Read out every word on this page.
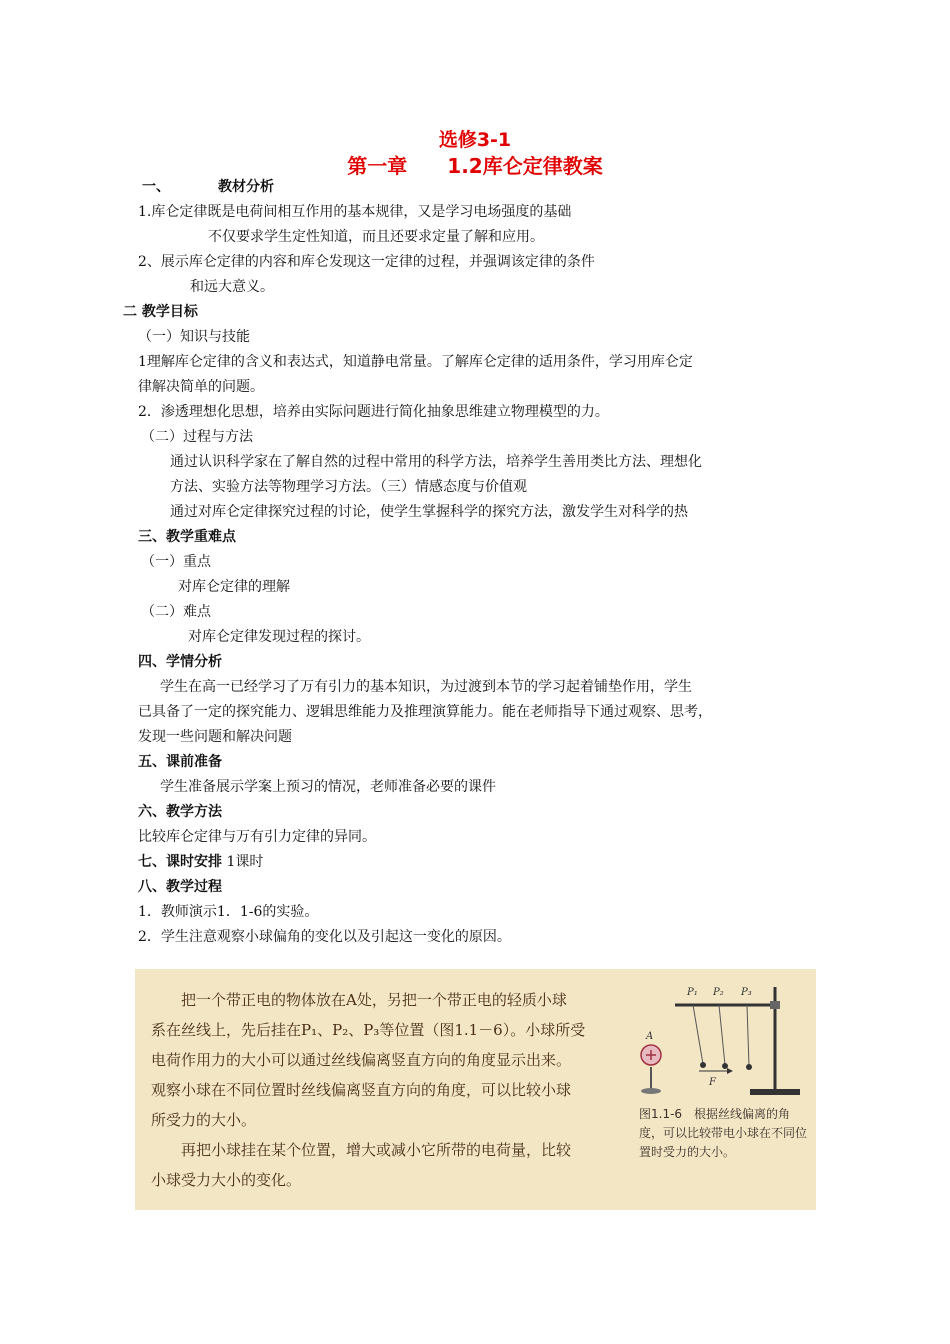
选修3-1
第一章 1.2库仑定律教案
一、	教材分析
1.库仑定律既是电荷间相互作用的基本规律，又是学习电场强度的基础
不仅要求学生定性知道，而且还要求定量了解和应用。
2、展示库仑定律的内容和库仑发现这一定律的过程，并强调该定律的条件
和远大意义。
二 教学目标
（一）知识与技能
1理解库仑定律的含义和表达式，知道静电常量。了解库仑定律的适用条件，学习用库仑定
律解决简单的问题。
2．渗透理想化思想，培养由实际问题进行简化抽象思维建立物理模型的力。
（二）过程与方法
通过认识科学家在了解自然的过程中常用的科学方法，培养学生善用类比方法、理想化
方法、实验方法等物理学习方法。（三）情感态度与价值观
通过对库仑定律探究过程的讨论，使学生掌握科学的探究方法，激发学生对科学的热
三、教学重难点
（一）重点
对库仑定律的理解
（二）难点
对库仑定律发现过程的探讨。
四、学情分析
学生在高一已经学习了万有引力的基本知识，为过渡到本节的学习起着铺垫作用，学生
已具备了一定的探究能力、逻辑思维能力及推理演算能力。能在老师指导下通过观察、思考，
发现一些问题和解决问题
五、课前准备
学生准备展示学案上预习的情况，老师准备必要的课件
六、教学方法
比较库仑定律与万有引力定律的异同。
七、课时安排 1课时
八、教学过程
1．教师演示1．1-6的实验。
2．学生注意观察小球偏角的变化以及引起这一变化的原因。
把一个带正电的物体放在A处，另把一个带正电的轻质小球
系在丝线上，先后挂在P₁、P₂、P₃等位置（图1.1－6）。小球所受
电荷作用力的大小可以通过丝线偏离竖直方向的角度显示出来。
观察小球在不同位置时丝线偏离竖直方向的角度，可以比较小球
所受力的大小。
再把小球挂在某个位置，增大或减小它所带的电荷量，比较
小球受力大小的变化。
P₁ P₂ P₃
A
F
图1.1-6　根据丝线偏离的角度，可以比较带电小球在不同位置时受力的大小。
